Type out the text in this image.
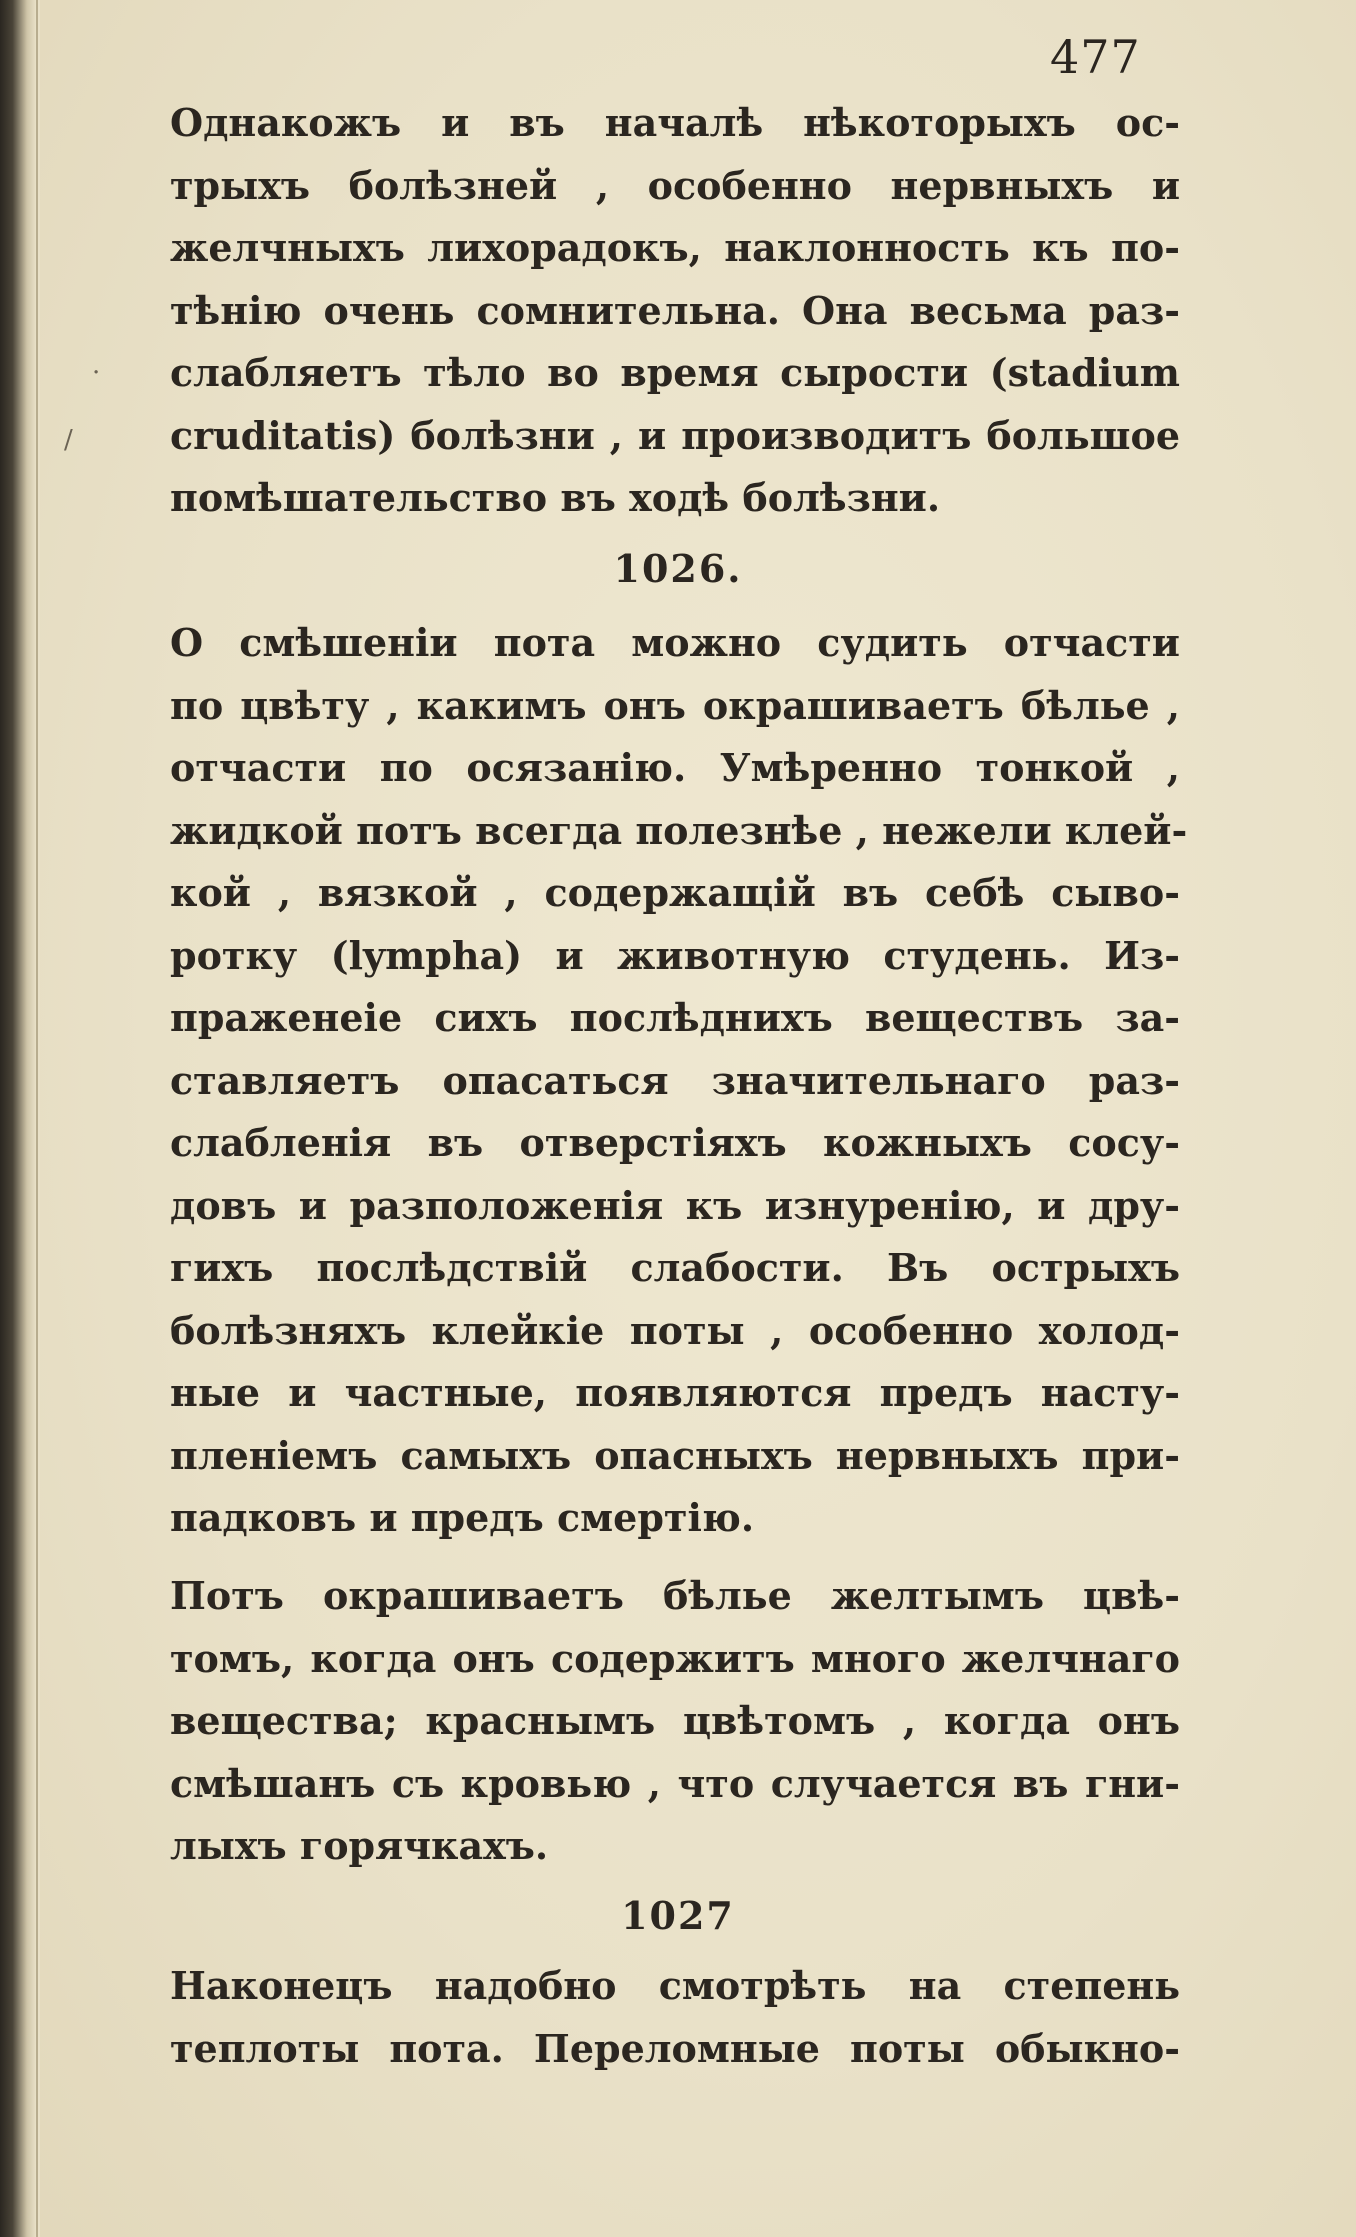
477
·
/
Однакожъ и въ началѣ нѣкоторыхъ ос-
трыхъ болѣзней , особенно нервныхъ и
желчныхъ лихорадокъ, наклонность къ по-
тѣнію очень сомнительна. Она весьма раз-
слабляетъ тѣло во время сырости (stadium
cruditatis) болѣзни , и производитъ большое
помѣшательство въ ходѣ болѣзни.
1026.
О смѣшеніи пота можно судить отчасти
по цвѣту , какимъ онъ окрашиваетъ бѣлье ,
отчасти по осязанію. Умѣренно тонкой ,
жидкой потъ всегда полезнѣе , нежели клей-
кой , вязкой , содержащій въ себѣ сыво-
ротку (lympha) и животную студень. Из-
праженеіе сихъ послѣднихъ веществъ за-
ставляетъ опасаться значительнаго раз-
слабленія въ отверстіяхъ кожныхъ сосу-
довъ и разположенія къ изнуренію, и дру-
гихъ послѣдствій слабости. Въ острыхъ
болѣзняхъ клейкіе поты , особенно холод-
ные и частные, появляются предъ насту-
пленіемъ самыхъ опасныхъ нервныхъ при-
падковъ и предъ смертію.
Потъ окрашиваетъ бѣлье желтымъ цвѣ-
томъ, когда онъ содержитъ много желчнаго
вещества; краснымъ цвѣтомъ , когда онъ
смѣшанъ съ кровью , что случается въ гни-
лыхъ горячкахъ.
1027
Наконецъ надобно смотрѣть на степень
теплоты пота. Переломные поты обыкно-
